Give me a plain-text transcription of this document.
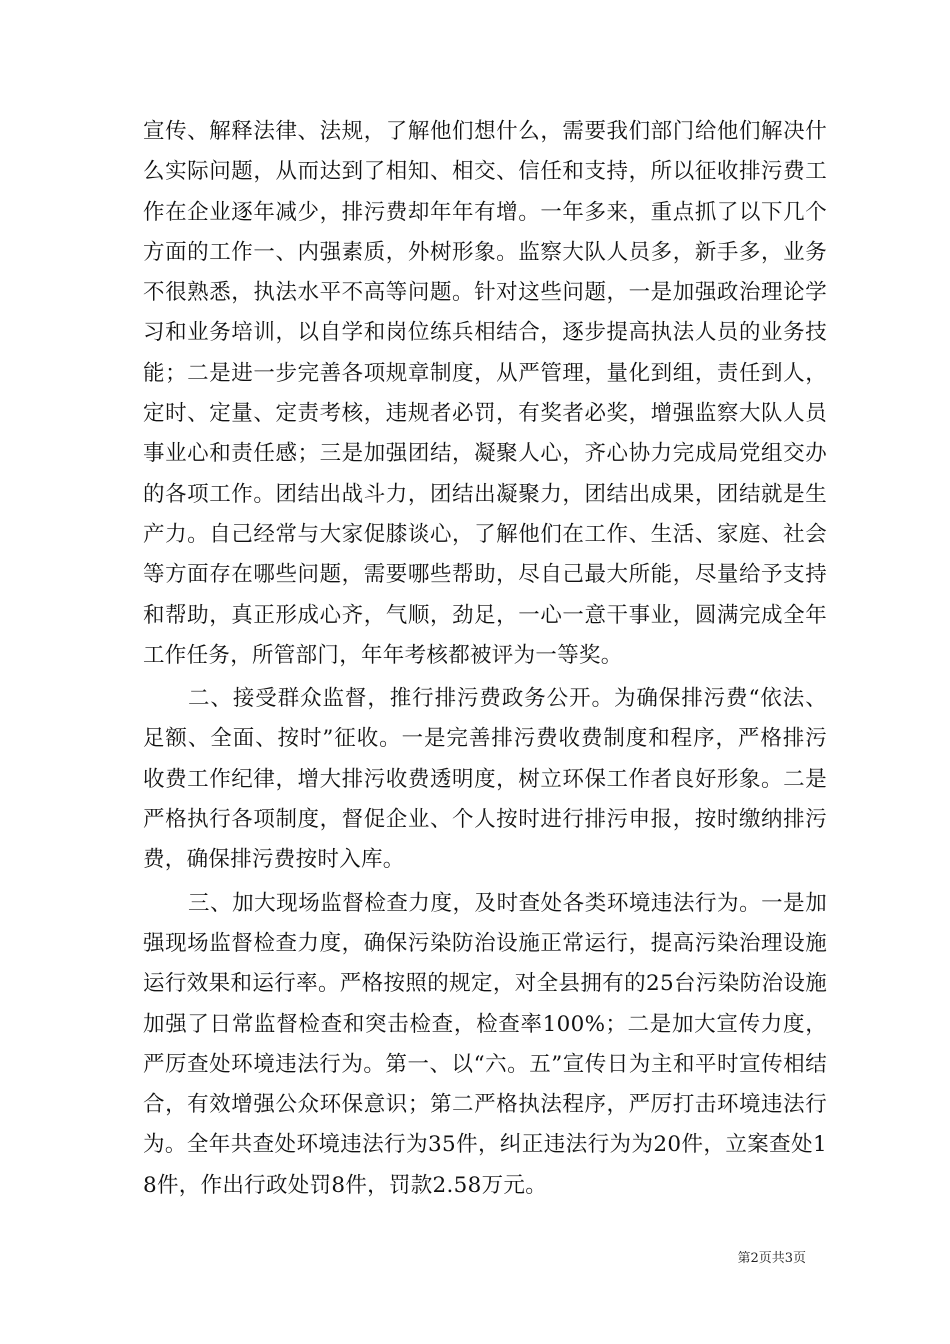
宣传、解释法律、法规，了解他们想什么，需要我们部门给他们解决什么实际问题，从而达到了相知、相交、信任和支持，所以征收排污费工作在企业逐年减少，排污费却年年有增。一年多来，重点抓了以下几个方面的工作一、内强素质，外树形象。监察大队人员多，新手多，业务不很熟悉，执法水平不高等问题。针对这些问题，一是加强政治理论学习和业务培训，以自学和岗位练兵相结合，逐步提高执法人员的业务技能；二是进一步完善各项规章制度，从严管理，量化到组，责任到人，定时、定量、定责考核，违规者必罚，有奖者必奖，增强监察大队人员事业心和责任感；三是加强团结，凝聚人心，齐心协力完成局党组交办的各项工作。团结出战斗力，团结出凝聚力，团结出成果，团结就是生产力。自己经常与大家促膝谈心，了解他们在工作、生活、家庭、社会等方面存在哪些问题，需要哪些帮助，尽自己最大所能，尽量给予支持和帮助，真正形成心齐，气顺，劲足，一心一意干事业，圆满完成全年工作任务，所管部门，年年考核都被评为一等奖。

二、接受群众监督，推行排污费政务公开。为确保排污费“依法、足额、全面、按时”征收。一是完善排污费收费制度和程序，严格排污收费工作纪律，增大排污收费透明度，树立环保工作者良好形象。二是严格执行各项制度，督促企业、个人按时进行排污申报，按时缴纳排污费，确保排污费按时入库。

三、加大现场监督检查力度，及时查处各类环境违法行为。一是加强现场监督检查力度，确保污染防治设施正常运行，提高污染治理设施运行效果和运行率。严格按照的规定，对全县拥有的25台污染防治设施加强了日常监督检查和突击检查，检查率100%；二是加大宣传力度，严厉查处环境违法行为。第一、以“六。五”宣传日为主和平时宣传相结合，有效增强公众环保意识；第二严格执法程序，严厉打击环境违法行为。全年共查处环境违法行为35件，纠正违法行为为20件，立案查处18件，作出行政处罚8件，罚款2.58万元。

第2页共3页
